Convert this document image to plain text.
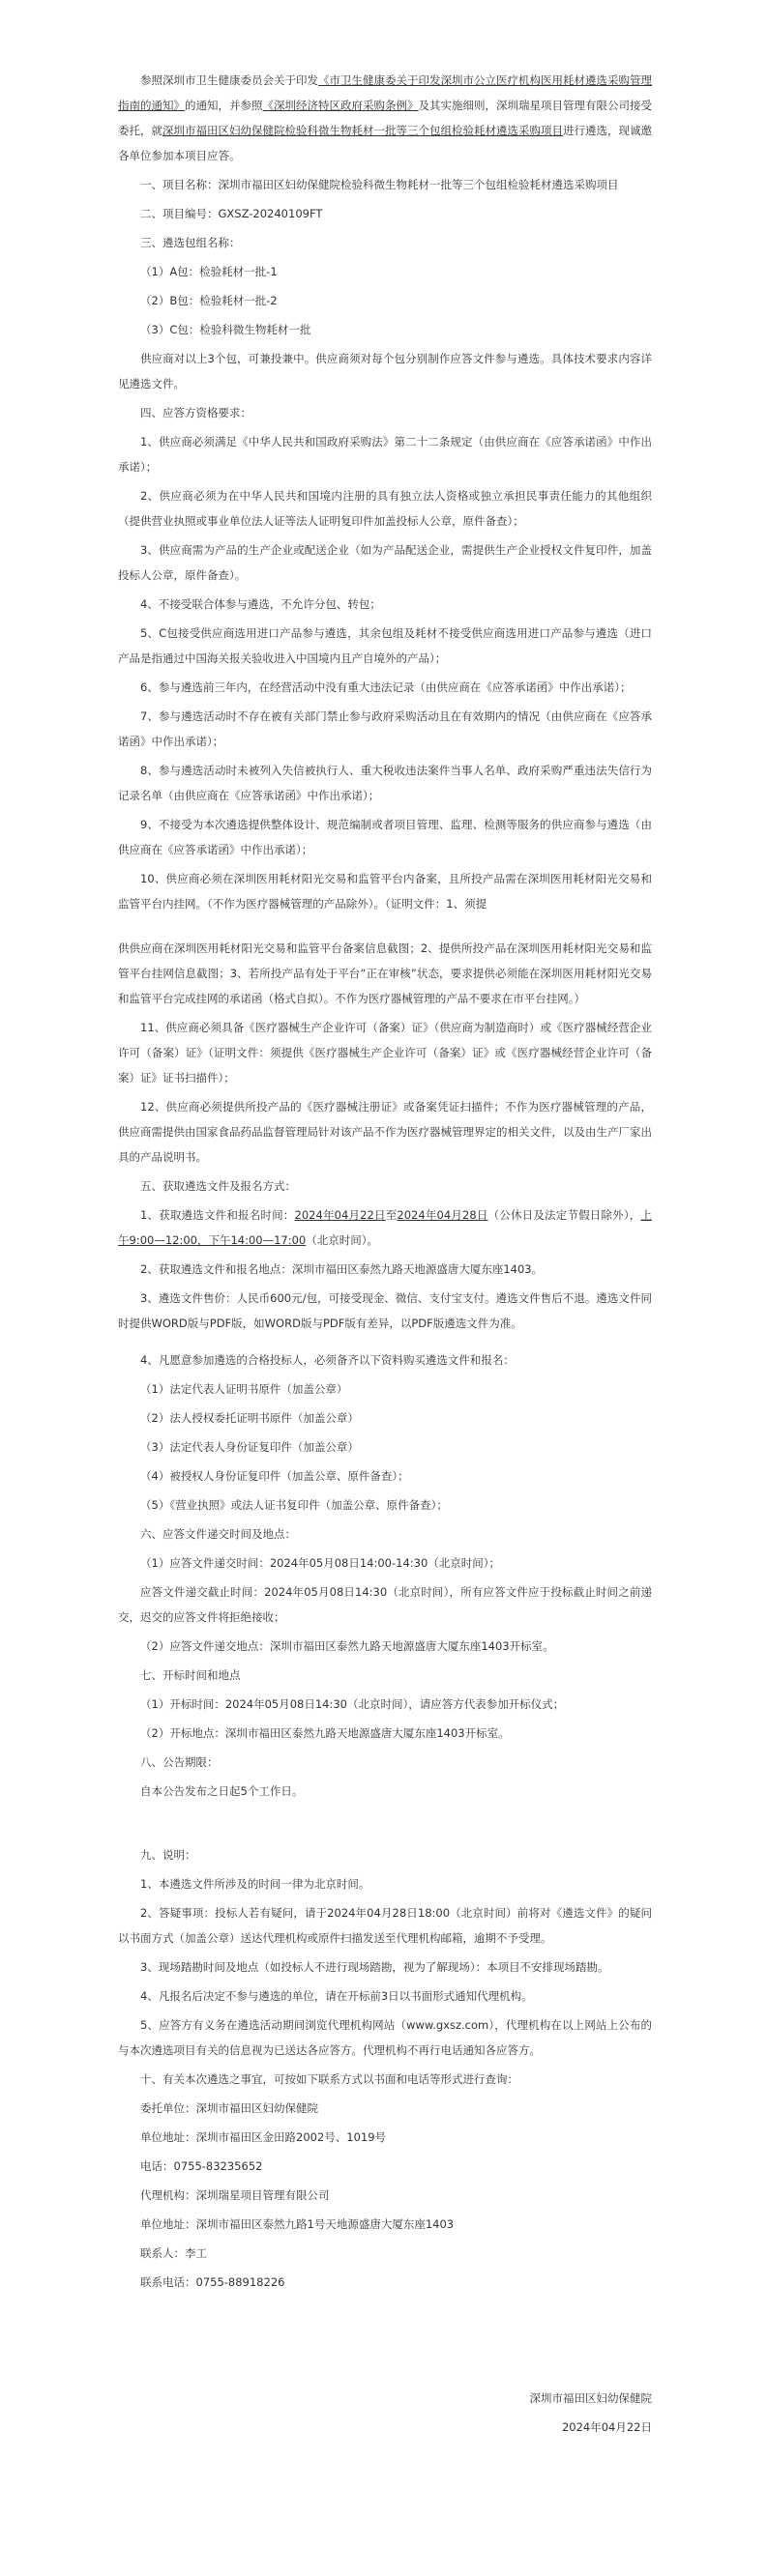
参照深圳市卫生健康委员会关于印发《市卫生健康委关于印发深圳市公立医疗机构医用耗材遴选采购管理指南的通知》的通知，并参照《深圳经济特区政府采购条例》及其实施细则，深圳瑞星项目管理有限公司接受委托，就深圳市福田区妇幼保健院检验科微生物耗材一批等三个包组检验耗材遴选采购项目进行遴选，现诚邀各单位参加本项目应答。

一、项目名称：深圳市福田区妇幼保健院检验科微生物耗材一批等三个包组检验耗材遴选采购项目

二、项目编号：GXSZ-20240109FT

三、遴选包组名称：

（1）A包：检验耗材一批-1

（2）B包：检验耗材一批-2

（3）C包：检验科微生物耗材一批

供应商对以上3个包，可兼投兼中。供应商须对每个包分别制作应答文件参与遴选。具体技术要求内容详见遴选文件。

四、应答方资格要求：

1、供应商必须满足《中华人民共和国政府采购法》第二十二条规定（由供应商在《应答承诺函》中作出承诺）；

2、供应商必须为在中华人民共和国境内注册的具有独立法人资格或独立承担民事责任能力的其他组织（提供营业执照或事业单位法人证等法人证明复印件加盖投标人公章，原件备查）；

3、供应商需为产品的生产企业或配送企业（如为产品配送企业，需提供生产企业授权文件复印件，加盖投标人公章，原件备查）。

4、不接受联合体参与遴选，不允许分包、转包；

5、C包接受供应商选用进口产品参与遴选，其余包组及耗材不接受供应商选用进口产品参与遴选（进口产品是指通过中国海关报关验收进入中国境内且产自境外的产品）；

6、参与遴选前三年内，在经营活动中没有重大违法记录（由供应商在《应答承诺函》中作出承诺）；

7、参与遴选活动时不存在被有关部门禁止参与政府采购活动且在有效期内的情况（由供应商在《应答承诺函》中作出承诺）；

8、参与遴选活动时未被列入失信被执行人、重大税收违法案件当事人名单、政府采购严重违法失信行为记录名单（由供应商在《应答承诺函》中作出承诺）；

9、不接受为本次遴选提供整体设计、规范编制或者项目管理、监理、检测等服务的供应商参与遴选（由供应商在《应答承诺函》中作出承诺）；

10、供应商必须在深圳医用耗材阳光交易和监管平台内备案，且所投产品需在深圳医用耗材阳光交易和监管平台内挂网。（不作为医疗器械管理的产品除外）。（证明文件：1、须提

供供应商在深圳医用耗材阳光交易和监管平台备案信息截图；2、提供所投产品在深圳医用耗材阳光交易和监管平台挂网信息截图；3、若所投产品有处于平台“正在审核”状态，要求提供必须能在深圳医用耗材阳光交易和监管平台完成挂网的承诺函（格式自拟）。不作为医疗器械管理的产品不要求在市平台挂网。）

11、供应商必须具备《医疗器械生产企业许可（备案）证》（供应商为制造商时）或《医疗器械经营企业许可（备案）证》（证明文件：须提供《医疗器械生产企业许可（备案）证》或《医疗器械经营企业许可（备案）证》证书扫描件）；

12、供应商必须提供所投产品的《医疗器械注册证》或备案凭证扫描件；不作为医疗器械管理的产品，供应商需提供由国家食品药品监督管理局针对该产品不作为医疗器械管理界定的相关文件，以及由生产厂家出具的产品说明书。

五、获取遴选文件及报名方式：

1、获取遴选文件和报名时间：2024年04月22日至2024年04月28日（公休日及法定节假日除外），上午9:00—12:00，下午14:00—17:00（北京时间）。

2、获取遴选文件和报名地点：深圳市福田区泰然九路天地源盛唐大厦东座1403。

3、遴选文件售价：人民币600元/包，可接受现金、微信、支付宝支付。遴选文件售后不退。遴选文件同时提供WORD版与PDF版，如WORD版与PDF版有差异，以PDF版遴选文件为准。

4、凡愿意参加遴选的合格投标人，必须备齐以下资料购买遴选文件和报名：

（1）法定代表人证明书原件（加盖公章）

（2）法人授权委托证明书原件（加盖公章）

（3）法定代表人身份证复印件（加盖公章）

（4）被授权人身份证复印件（加盖公章、原件备查）；

（5）《营业执照》或法人证书复印件（加盖公章、原件备查）；

六、应答文件递交时间及地点：

（1）应答文件递交时间：2024年05月08日14:00-14:30（北京时间）；

应答文件递交截止时间：2024年05月08日14:30（北京时间），所有应答文件应于投标截止时间之前递交，迟交的应答文件将拒绝接收；

（2）应答文件递交地点：深圳市福田区泰然九路天地源盛唐大厦东座1403开标室。

七、开标时间和地点

（1）开标时间：2024年05月08日14:30（北京时间），请应答方代表参加开标仪式；

（2）开标地点：深圳市福田区泰然九路天地源盛唐大厦东座1403开标室。

八、公告期限：

自本公告发布之日起5个工作日。

九、说明：

1、本遴选文件所涉及的时间一律为北京时间。

2、答疑事项：投标人若有疑问，请于2024年04月28日18:00（北京时间）前将对《遴选文件》的疑问以书面方式（加盖公章）送达代理机构或原件扫描发送至代理机构邮箱，逾期不予受理。

3、现场踏勘时间及地点（如投标人不进行现场踏勘，视为了解现场）：本项目不安排现场踏勘。

4、凡报名后决定不参与遴选的单位，请在开标前3日以书面形式通知代理机构。

5、应答方有义务在遴选活动期间浏览代理机构网站（www.gxsz.com），代理机构在以上网站上公布的与本次遴选项目有关的信息视为已送达各应答方。代理机构不再行电话通知各应答方。

十、有关本次遴选之事宜，可按如下联系方式以书面和电话等形式进行查询：

委托单位：深圳市福田区妇幼保健院

单位地址：深圳市福田区金田路2002号、1019号

电话：0755-83235652

代理机构：深圳瑞星项目管理有限公司

单位地址：深圳市福田区泰然九路1号天地源盛唐大厦东座1403

联系人：李工

联系电话：0755-88918226

深圳市福田区妇幼保健院

2024年04月22日
